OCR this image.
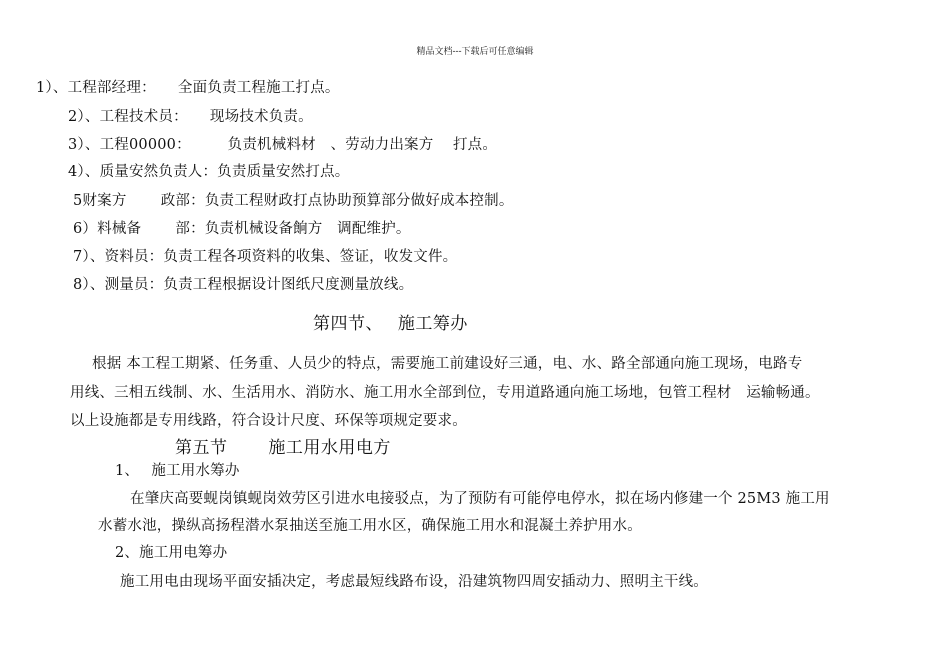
精品文档---下载后可任意编辑
1）、工程部经理：　　全面负责工程施工打点。
2）、工程技术员：　　现场技术负责。
3）、工程00000：　　　负责机械料材　、劳动力出案方　 打点。
4）、质量安然负责人：负责质量安然打点。
5财案方　　 政部：负责工程财政打点协助预算部分做好成本控制。
6）料械备　　 部：负责机械设备餉方　调配维护。
7）、资料员：负责工程各项资料的收集、签证，收发文件。
8）、测量员：负责工程根据设计图纸尺度测量放线。
第四节、　 施工筹办
根据 本工程工期紧、任务重、人员少的特点，需要施工前建设好三通，电、水、路全部通向施工现场，电路专
用线、三相五线制、水、生活用水、消防水、施工用水全部到位，专用道路通向施工场地，包管工程材　运输畅通。
以上设施都是专用线路，符合设计尺度、环保等项规定要求。
第五节　　 施工用水用电方
1、　 施工用水筹办
在肇庆高要蚬岗镇蚬岗效劳区引进水电接驳点，为了预防有可能停电停水，拟在场内修建一个 25M3 施工用
水蓄水池，操纵高扬程潜水泵抽送至施工用水区，确保施工用水和混凝土养护用水。
2、施工用电筹办
施工用电由现场平面安插决定，考虑最短线路布设，沿建筑物四周安插动力、照明主干线。
